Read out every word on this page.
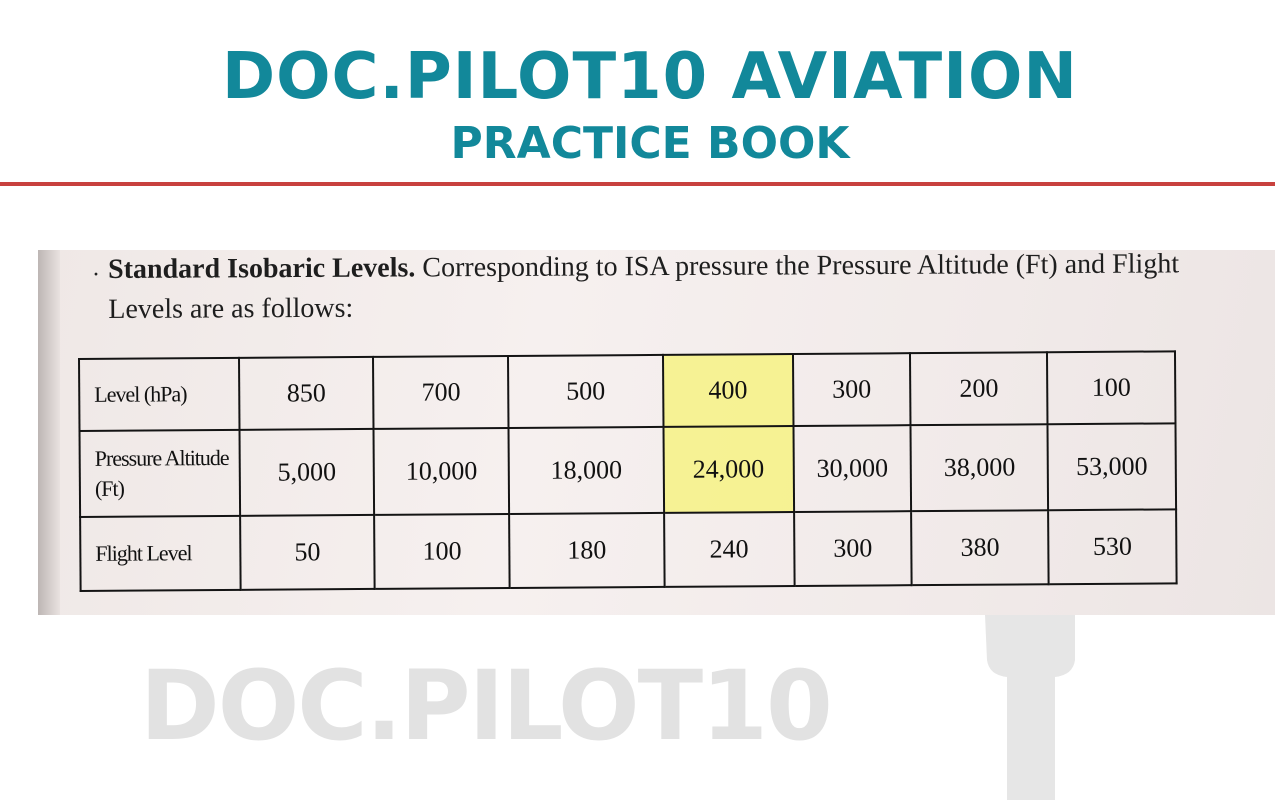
DOC.PILOT10 AVIATION
PRACTICE BOOK
· Standard Isobaric Levels. Corresponding to ISA pressure the Pressure Altitude (Ft) and Flight Levels are as follows:
Level (hPa)	850	700	500	400	300	200	100
Pressure Altitude (Ft)	5,000	10,000	18,000	24,000	30,000	38,000	53,000
Flight Level	50	100	180	240	300	380	530
DOC.PILOT10
